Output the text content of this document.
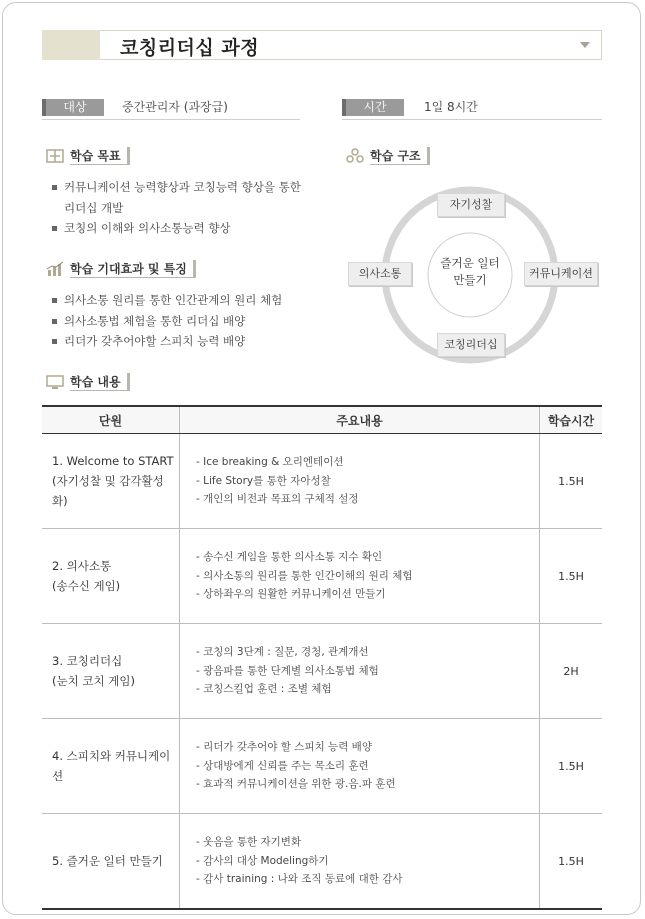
코칭리더십 과정
대상	중간관리자 (과장급)	시간	1일 8시간
학습 목표
커뮤니케이션 능력향상과 코칭능력 향상을 통한
리더십 개발
코칭의 이해와 의사소통능력 향상
학습 기대효과 및 특징
의사소통 원리를 통한 인간관계의 원리 체험
의사소통법 체험을 통한 리더십 배양
리더가 갖추어야할 스피치 능력 배양
학습 구조
자기성찰
의사소통	커뮤니케이션
코칭리더십
즐거운 일터
만들기
학습 내용
단원	주요내용	학습시간

1. Welcome to START
(자기성찰 및 감각활성화)	- Ice breaking & 오리엔테이션
- Life Story를 통한 자아성찰
- 개인의 비전과 목표의 구체적 설정	1.5H

2. 의사소통
(송수신 게임)	- 송수신 게임을 통한 의사소통 지수 확인
- 의사소통의 원리를 통한 인간이해의 원리 체험
- 상하좌우의 원활한 커뮤니케이션 만들기	1.5H

3. 코칭리더십
(눈치 코치 게임)	- 코칭의 3단계 : 질문, 경청, 관계개선
- 광음파를 통한 단계별 의사소통법 체험
- 코칭스킬업 훈련 : 조별 체험	2H

4. 스피치와 커뮤니케이션	- 리더가 갖추어야 할 스피치 능력 배양
- 상대방에게 신뢰를 주는 목소리 훈련
- 효과적 커뮤니케이션을 위한 광.음.파 훈련	1.5H

5. 즐거운 일터 만들기	- 웃음을 통한 자기변화
- 감사의 대상 Modeling하기
- 감사 training : 나와 조직 동료에 대한 감사	1.5H
